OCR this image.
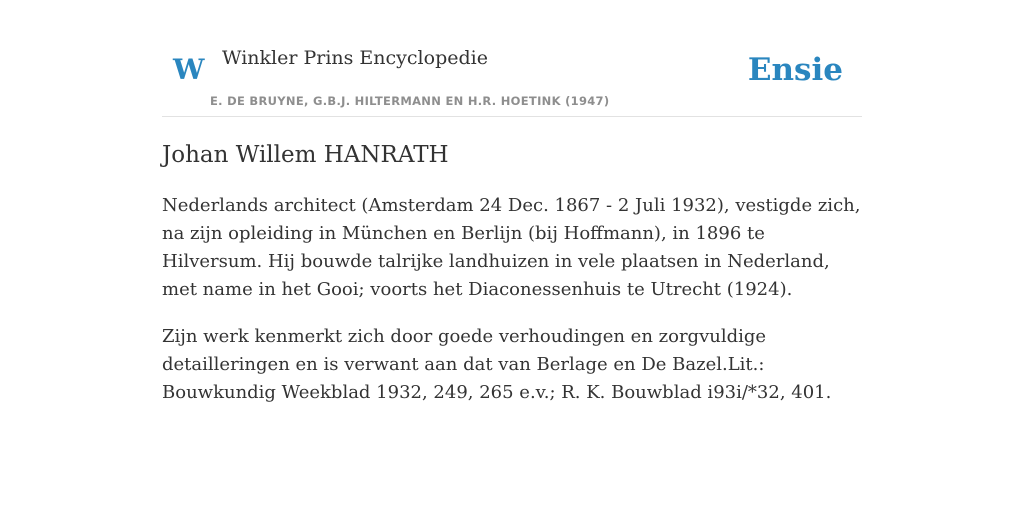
W Winkler Prins Encyclopedie
E. DE BRUYNE, G.B.J. HILTERMANN EN H.R. HOETINK (1947)
Ensie
Johan Willem HANRATH

Nederlands architect (Amsterdam 24 Dec. 1867 - 2 Juli 1932), vestigde zich, na zijn opleiding in München en Berlijn (bij Hoffmann), in 1896 te Hilversum. Hij bouwde talrijke landhuizen in vele plaatsen in Nederland, met name in het Gooi; voorts het Diaconessenhuis te Utrecht (1924).

Zijn werk kenmerkt zich door goede verhoudingen en zorgvuldige detailleringen en is verwant aan dat van Berlage en De Bazel.Lit.: Bouwkundig Weekblad 1932, 249, 265 e.v.; R. K. Bouwblad i93i/*32, 401.
